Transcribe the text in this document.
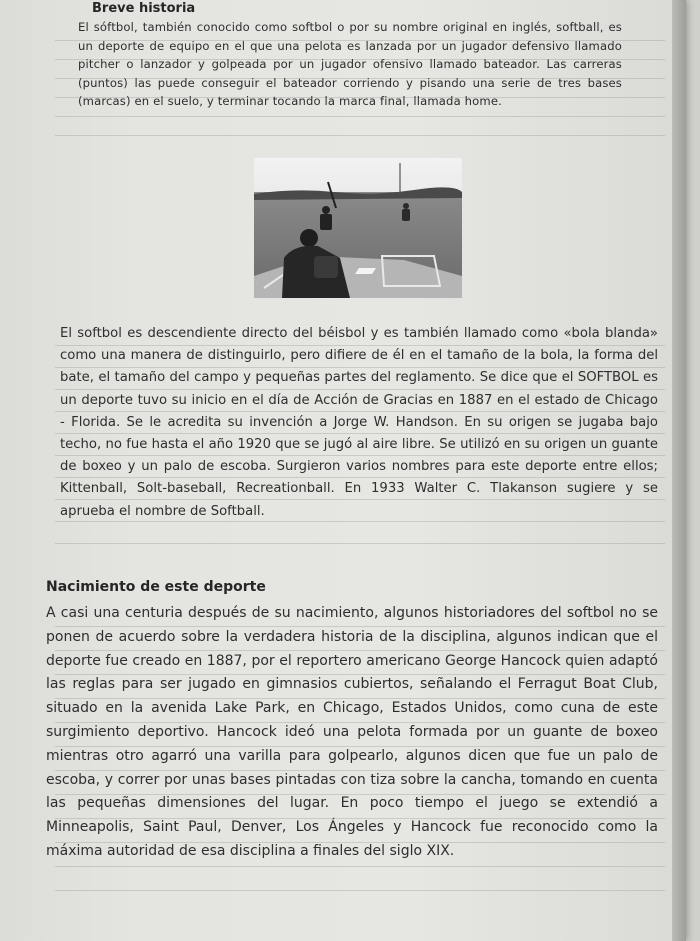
Breve historia

El sóftbol, también conocido como softbol o por su nombre original en inglés, softball, es un deporte de equipo en el que una pelota es lanzada por un jugador defensivo llamado pitcher o lanzador y golpeada por un jugador ofensivo llamado bateador. Las carreras (puntos) las puede conseguir el bateador corriendo y pisando una serie de tres bases (marcas) en el suelo, y terminar tocando la marca final, llamada home.

El softbol es descendiente directo del béisbol y es también llamado como «bola blanda» como una manera de distinguirlo, pero difiere de él en el tamaño de la bola, la forma del bate, el tamaño del campo y pequeñas partes del reglamento. Se dice que el SOFTBOL es un deporte tuvo su inicio en el día de Acción de Gracias en 1887 en el estado de Chicago - Florida. Se le acredita su invención a Jorge W. Handson. En su origen se jugaba bajo techo, no fue hasta el año 1920 que se jugó al aire libre. Se utilizó en su origen un guante de boxeo y un palo de escoba. Surgieron varios nombres para este deporte entre ellos; Kittenball, Solt-baseball, Recreationball. En 1933 Walter C. Tlakanson sugiere y se aprueba el nombre de Softball.

Nacimiento de este deporte

A casi una centuria después de su nacimiento, algunos historiadores del softbol no se ponen de acuerdo sobre la verdadera historia de la disciplina, algunos indican que el deporte fue creado en 1887, por el reportero americano George Hancock quien adaptó las reglas para ser jugado en gimnasios cubiertos, señalando el Ferragut Boat Club, situado en la avenida Lake Park, en Chicago, Estados Unidos, como cuna de este surgimiento deportivo. Hancock ideó una pelota formada por un guante de boxeo mientras otro agarró una varilla para golpearlo, algunos dicen que fue un palo de escoba, y correr por unas bases pintadas con tiza sobre la cancha, tomando en cuenta las pequeñas dimensiones del lugar. En poco tiempo el juego se extendió a Minneapolis, Saint Paul, Denver, Los Ángeles y Hancock fue reconocido como la máxima autoridad de esa disciplina a finales del siglo XIX.
